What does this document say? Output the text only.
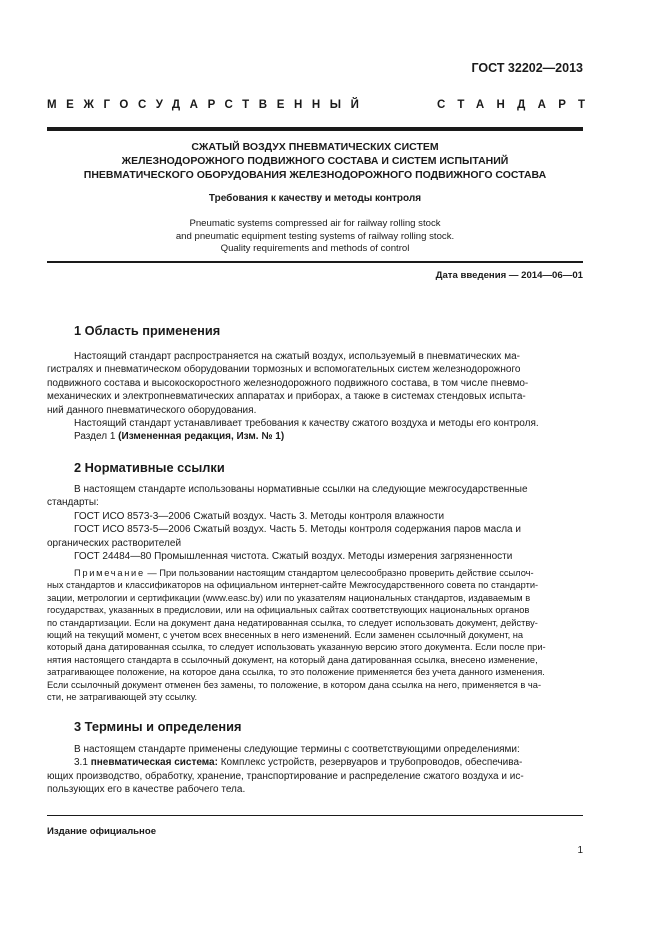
ГОСТ 32202—2013
МЕЖГОСУДАРСТВЕННЫЙ	СТАНДАРТ
СЖАТЫЙ ВОЗДУХ ПНЕВМАТИЧЕСКИХ СИСТЕМ
ЖЕЛЕЗНОДОРОЖНОГО ПОДВИЖНОГО СОСТАВА И СИСТЕМ ИСПЫТАНИЙ
ПНЕВМАТИЧЕСКОГО ОБОРУДОВАНИЯ ЖЕЛЕЗНОДОРОЖНОГО ПОДВИЖНОГО СОСТАВА
Требования к качеству и методы контроля
Pneumatic systems compressed air for railway rolling stock
and pneumatic equipment testing systems of railway rolling stock.
Quality requirements and methods of control
Дата введения — 2014—06—01
1 Область применения
Настоящий стандарт распространяется на сжатый воздух, используемый в пневматических ма-
гистралях и пневматическом оборудовании тормозных и вспомогательных систем железнодорожного
подвижного состава и высокоскоростного железнодорожного подвижного состава, в том числе пневмо-
механических и электропневматических аппаратах и приборах, а также в системах стендовых испыта-
ний данного пневматического оборудования.
Настоящий стандарт устанавливает требования к качеству сжатого воздуха и методы его контроля.
Раздел 1 (Измененная редакция, Изм. № 1)
2 Нормативные ссылки
В настоящем стандарте использованы нормативные ссылки на следующие межгосударственные
стандарты:
ГОСТ ИСО 8573-3—2006 Сжатый воздух. Часть 3. Методы контроля влажности
ГОСТ ИСО 8573-5—2006 Сжатый воздух. Часть 5. Методы контроля содержания паров масла и
органических растворителей
ГОСТ 24484—80 Промышленная чистота. Сжатый воздух. Методы измерения загрязненности
Примечание — При пользовании настоящим стандартом целесообразно проверить действие ссылоч-
ных стандартов и классификаторов на официальном интернет-сайте Межгосударственного совета по стандарти-
зации, метрологии и сертификации (www.easc.by) или по указателям национальных стандартов, издаваемым в
государствах, указанных в предисловии, или на официальных сайтах соответствующих национальных органов
по стандартизации. Если на документ дана недатированная ссылка, то следует использовать документ, действу-
ющий на текущий момент, с учетом всех внесенных в него изменений. Если заменен ссылочный документ, на
который дана датированная ссылка, то следует использовать указанную версию этого документа. Если после при-
нятия настоящего стандарта в ссылочный документ, на который дана датированная ссылка, внесено изменение,
затрагивающее положение, на которое дана ссылка, то это положение применяется без учета данного изменения.
Если ссылочный документ отменен без замены, то положение, в котором дана ссылка на него, применяется в ча-
сти, не затрагивающей эту ссылку.
3 Термины и определения
В настоящем стандарте применены следующие термины с соответствующими определениями:
3.1 пневматическая система: Комплекс устройств, резервуаров и трубопроводов, обеспечива-
ющих производство, обработку, хранение, транспортирование и распределение сжатого воздуха и ис-
пользующих его в качестве рабочего тела.
Издание официальное
1
